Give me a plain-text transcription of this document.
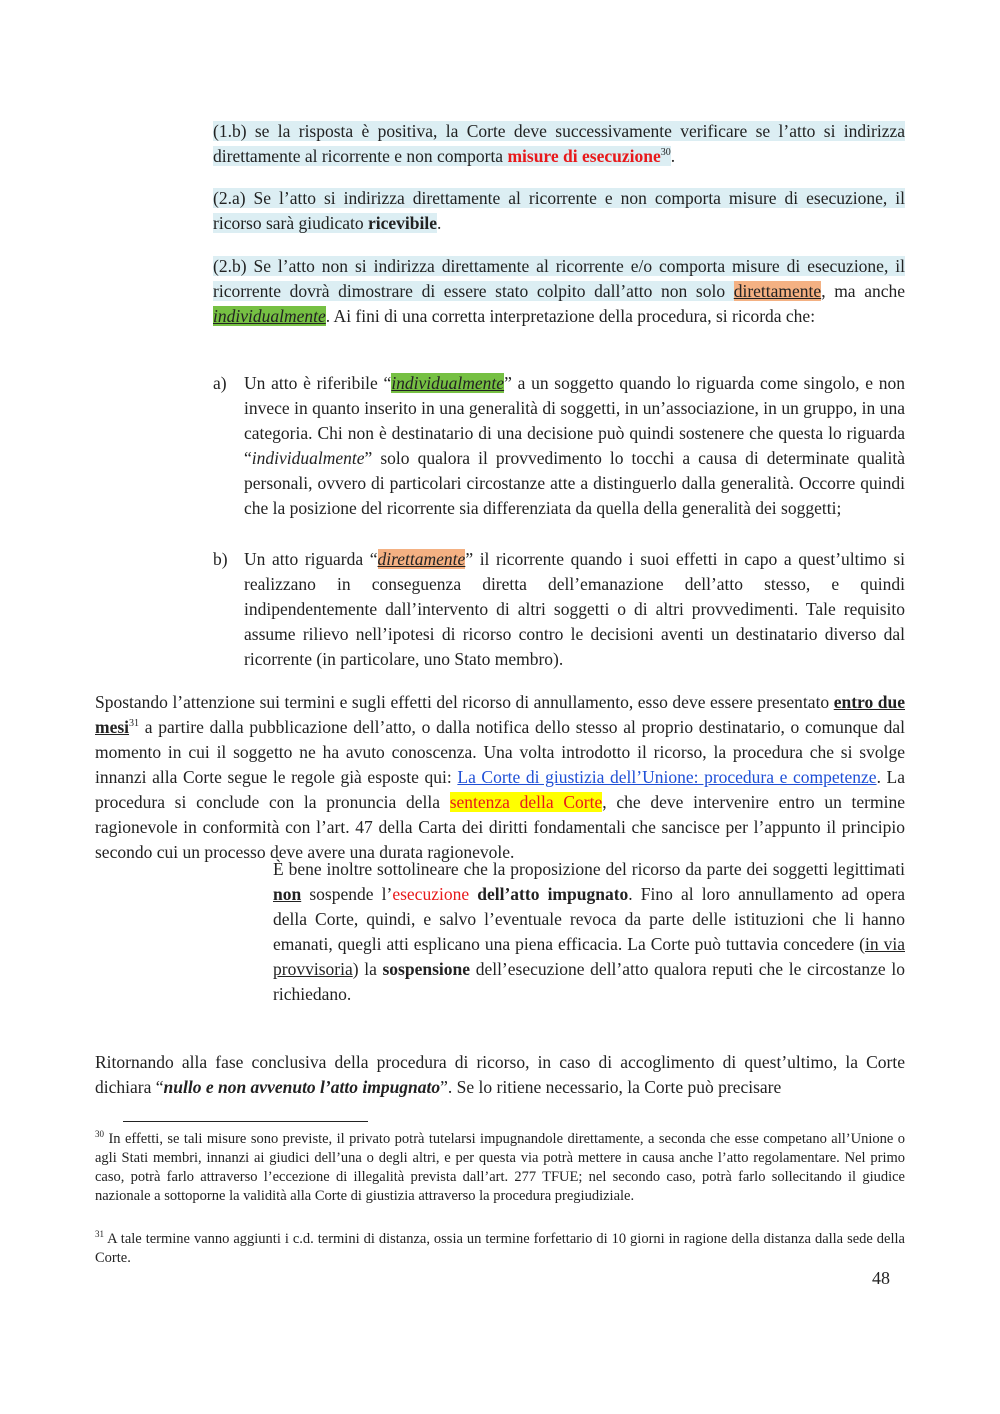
(1.b) se la risposta è positiva, la Corte deve successivamente verificare se l’atto si indirizza direttamente al ricorrente e non comporta misure di esecuzione$^{30}$.
(2.a) Se l’atto si indirizza direttamente al ricorrente e non comporta misure di esecuzione, il ricorso sarà giudicato ricevibile.
(2.b) Se l’atto non si indirizza direttamente al ricorrente e/o comporta misure di esecuzione, il ricorrente dovrà dimostrare di essere stato colpito dall’atto non solo direttamente, ma anche individualmente. Ai fini di una corretta interpretazione della procedura, si ricorda che:
a) Un atto è riferibile “individualmente” a un soggetto quando lo riguarda come singolo, e non invece in quanto inserito in una generalità di soggetti, in un’associazione, in un gruppo, in una categoria. Chi non è destinatario di una decisione può quindi sostenere che questa lo riguarda “individualmente” solo qualora il provvedimento lo tocchi a causa di determinate qualità personali, ovvero di particolari circostanze atte a distinguerlo dalla generalità. Occorre quindi che la posizione del ricorrente sia differenziata da quella della generalità dei soggetti;
b) Un atto riguarda “direttamente” il ricorrente quando i suoi effetti in capo a quest’ultimo si realizzano in conseguenza diretta dell’emanazione dell’atto stesso, e quindi indipendentemente dall’intervento di altri soggetti o di altri provvedimenti. Tale requisito assume rilievo nell’ipotesi di ricorso contro le decisioni aventi un destinatario diverso dal ricorrente (in particolare, uno Stato membro).
Spostando l’attenzione sui termini e sugli effetti del ricorso di annullamento, esso deve essere presentato entro due mesi$^{31}$ a partire dalla pubblicazione dell’atto, o dalla notifica dello stesso al proprio destinatario, o comunque dal momento in cui il soggetto ne ha avuto conoscenza. Una volta introdotto il ricorso, la procedura che si svolge innanzi alla Corte segue le regole già esposte qui: La Corte di giustizia dell’Unione: procedura e competenze. La procedura si conclude con la pronuncia della sentenza della Corte, che deve intervenire entro un termine ragionevole in conformità con l’art. 47 della Carta dei diritti fondamentali che sancisce per l’appunto il principio secondo cui un processo deve avere una durata ragionevole.
È bene inoltre sottolineare che la proposizione del ricorso da parte dei soggetti legittimati non sospende l’esecuzione dell’atto impugnato. Fino al loro annullamento ad opera della Corte, quindi, e salvo l’eventuale revoca da parte delle istituzioni che li hanno emanati, quegli atti esplicano una piena efficacia. La Corte può tuttavia concedere (in via provvisoria) la sospensione dell’esecuzione dell’atto qualora reputi che le circostanze lo richiedano.
Ritornando alla fase conclusiva della procedura di ricorso, in caso di accoglimento di quest’ultimo, la Corte dichiara “nullo e non avvenuto l’atto impugnato”. Se lo ritiene necessario, la Corte può precisare
$^{30}$ In effetti, se tali misure sono previste, il privato potrà tutelarsi impugnandole direttamente, a seconda che esse competano all’Unione o agli Stati membri, innanzi ai giudici dell’una o degli altri, e per questa via potrà mettere in causa anche l’atto regolamentare. Nel primo caso, potrà farlo attraverso l’eccezione di illegalità prevista dall’art. 277 TFUE; nel secondo caso, potrà farlo sollecitando il giudice nazionale a sottoporne la validità alla Corte di giustizia attraverso la procedura pregiudiziale.
$^{31}$ A tale termine vanno aggiunti i c.d. termini di distanza, ossia un termine forfettario di 10 giorni in ragione della distanza dalla sede della Corte.
48
